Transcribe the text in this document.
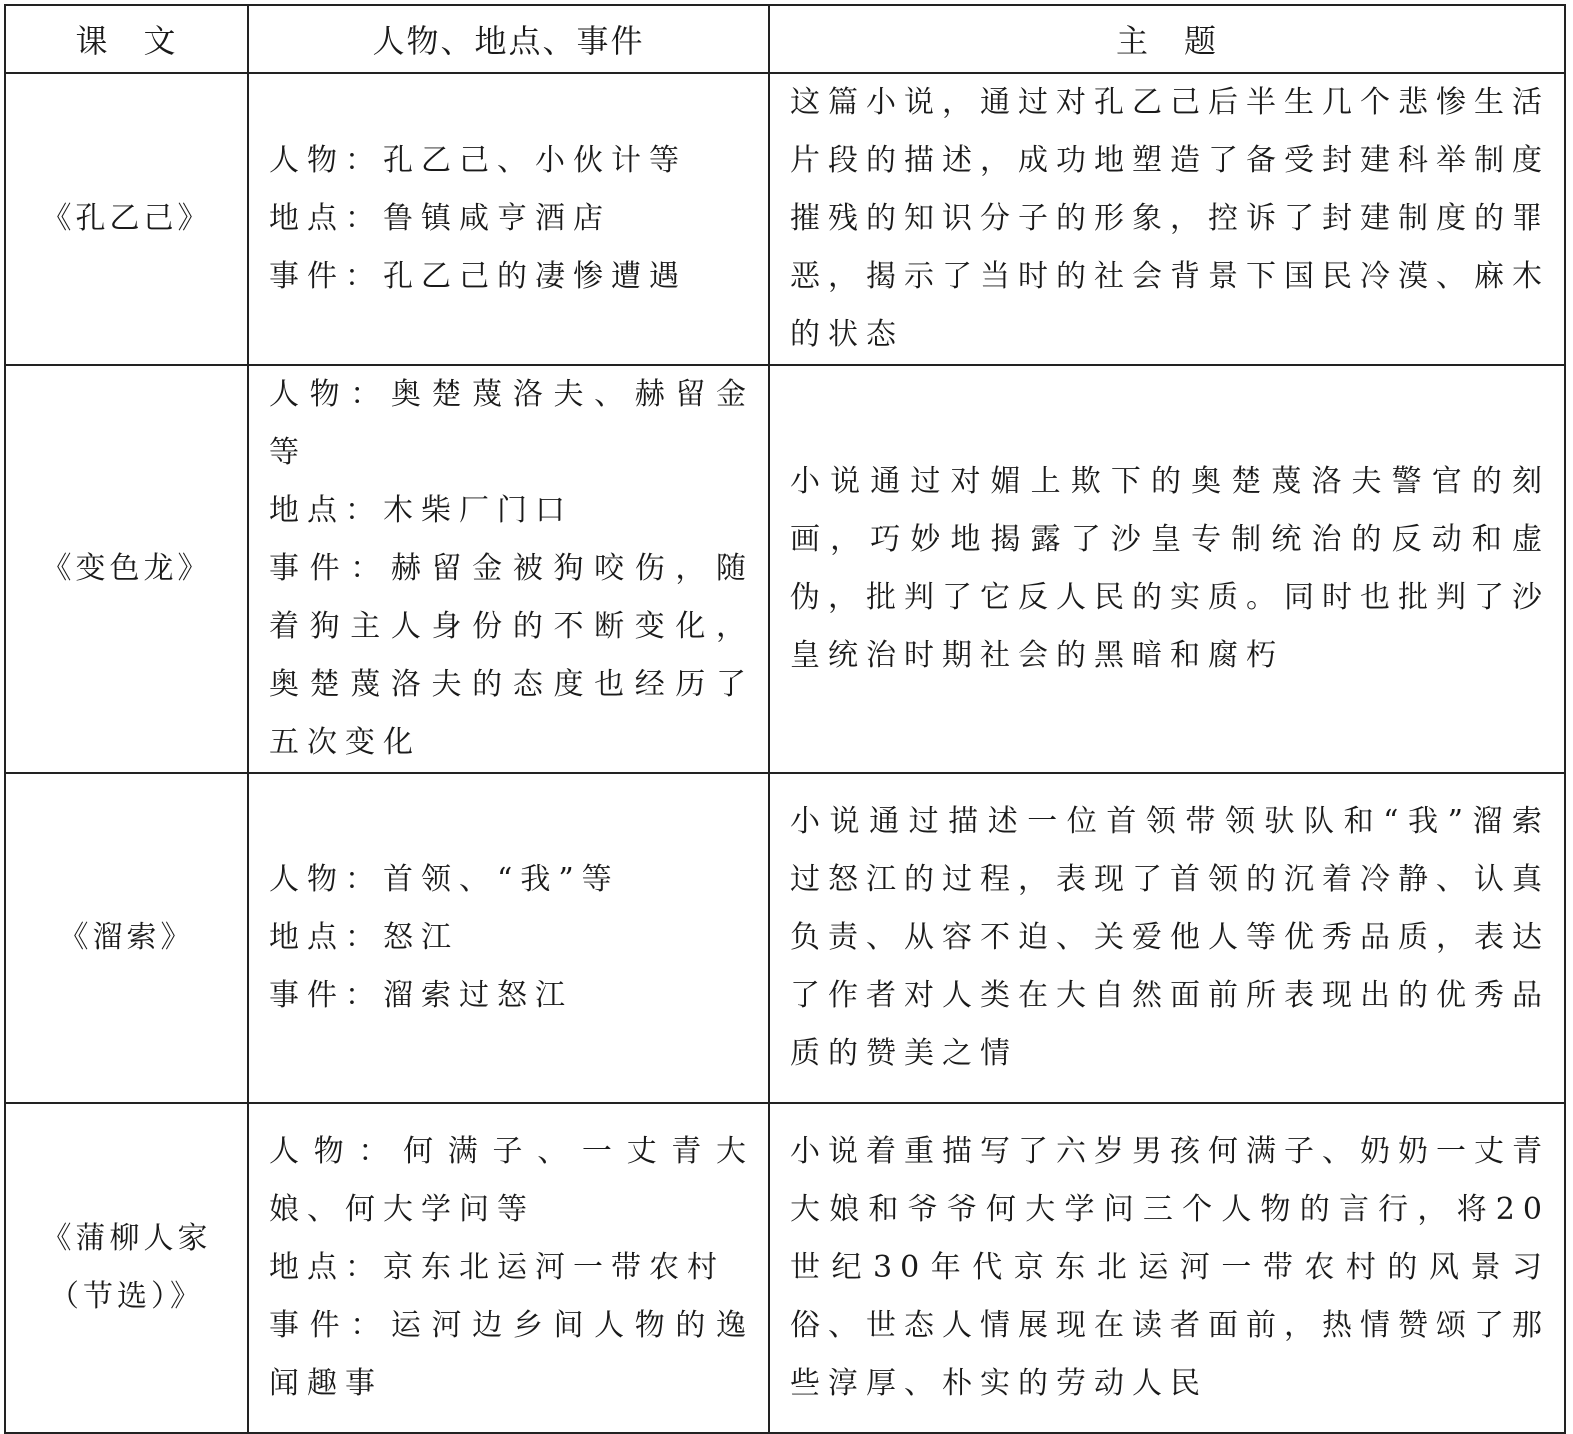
课　文	人物、地点、事件	主　题

《孔乙己》	人物：孔乙己、小伙计等
地点：鲁镇咸亨酒店
事件：孔乙己的凄惨遭遇	这篇小说，通过对孔乙己后半生几个悲惨生活片段的描述，成功地塑造了备受封建科举制度摧残的知识分子的形象，控诉了封建制度的罪恶，揭示了当时的社会背景下国民冷漠、麻木的状态

《变色龙》	人物：奥楚蔑洛夫、赫留金等
地点：木柴厂门口
事件：赫留金被狗咬伤，随着狗主人身份的不断变化，奥楚蔑洛夫的态度也经历了五次变化	小说通过对媚上欺下的奥楚蔑洛夫警官的刻画，巧妙地揭露了沙皇专制统治的反动和虚伪，批判了它反人民的实质。同时也批判了沙皇统治时期社会的黑暗和腐朽

《溜索》	人物：首领、“我”等
地点：怒江
事件：溜索过怒江	小说通过描述一位首领带领驮队和“我”溜索过怒江的过程，表现了首领的沉着冷静、认真负责、从容不迫、关爱他人等优秀品质，表达了作者对人类在大自然面前所表现出的优秀品质的赞美之情

《蒲柳人家
（节选）》	人物：何满子、一丈青大娘、何大学问等
地点：京东北运河一带农村
事件：运河边乡间人物的逸闻趣事	小说着重描写了六岁男孩何满子、奶奶一丈青大娘和爷爷何大学问三个人物的言行，将20世纪30年代京东北运河一带农村的风景习俗、世态人情展现在读者面前，热情赞颂了那些淳厚、朴实的劳动人民
